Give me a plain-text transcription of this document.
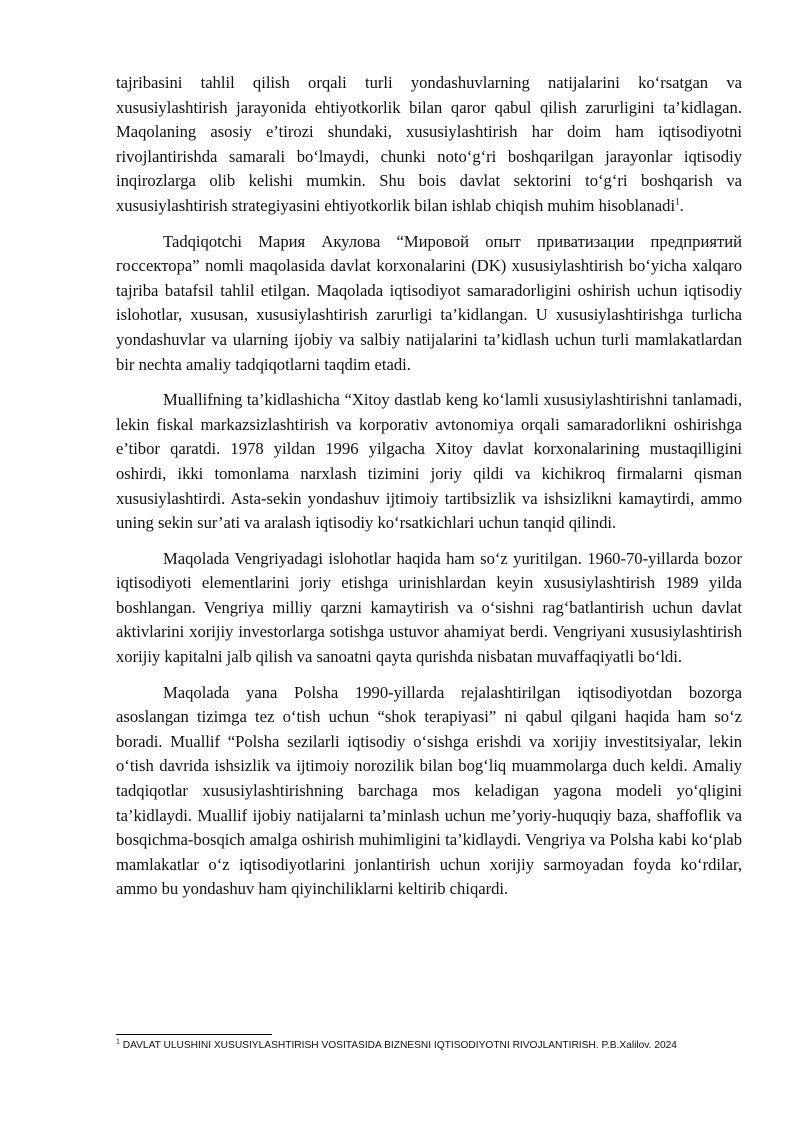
tajribasini tahlil qilish orqali turli yondashuvlarning natijalarini ko‘rsatgan va xususiylashtirish jarayonida ehtiyotkorlik bilan qaror qabul qilish zarurligini ta’kidlagan. Maqolaning asosiy e’tirozi shundaki, xususiylashtirish har doim ham iqtisodiyotni rivojlantirishda samarali bo‘lmaydi, chunki noto‘g‘ri boshqarilgan jarayonlar iqtisodiy inqirozlarga olib kelishi mumkin. Shu bois davlat sektorini to‘g‘ri boshqarish va xususiylashtirish strategiyasini ehtiyotkorlik bilan ishlab chiqish muhim hisoblanadi$^1$.

Tadqiqotchi Мария Акулова “Мировой опыт приватизации предприятий госсектора” nomli maqolasida davlat korxonalarini (DK) xususiylashtirish bo‘yicha xalqaro tajriba batafsil tahlil etilgan. Maqolada iqtisodiyot samaradorligini oshirish uchun iqtisodiy islohotlar, xususan, xususiylashtirish zarurligi ta’kidlangan. U xususiylashtirishga turlicha yondashuvlar va ularning ijobiy va salbiy natijalarini ta’kidlash uchun turli mamlakatlardan bir nechta amaliy tadqiqotlarni taqdim etadi.

Muallifning ta’kidlashicha “Xitoy dastlab keng ko‘lamli xususiylashtirishni tanlamadi, lekin fiskal markazsizlashtirish va korporativ avtonomiya orqali samaradorlikni oshirishga e’tibor qaratdi. 1978 yildan 1996 yilgacha Xitoy davlat korxonalarining mustaqilligini oshirdi, ikki tomonlama narxlash tizimini joriy qildi va kichikroq firmalarni qisman xususiylashtirdi. Asta-sekin yondashuv ijtimoiy tartibsizlik va ishsizlikni kamaytirdi, ammo uning sekin sur’ati va aralash iqtisodiy ko‘rsatkichlari uchun tanqid qilindi.

Maqolada Vengriyadagi islohotlar haqida ham so‘z yuritilgan. 1960-70-yillarda bozor iqtisodiyoti elementlarini joriy etishga urinishlardan keyin xususiylashtirish 1989 yilda boshlangan. Vengriya milliy qarzni kamaytirish va o‘sishni rag‘batlantirish uchun davlat aktivlarini xorijiy investorlarga sotishga ustuvor ahamiyat berdi. Vengriyani xususiylashtirish xorijiy kapitalni jalb qilish va sanoatni qayta qurishda nisbatan muvaffaqiyatli bo‘ldi.

Maqolada yana Polsha 1990-yillarda rejalashtirilgan iqtisodiyotdan bozorga asoslangan tizimga tez o‘tish uchun “shok terapiyasi” ni qabul qilgani haqida ham so‘z boradi. Muallif “Polsha sezilarli iqtisodiy o‘sishga erishdi va xorijiy investitsiyalar, lekin o‘tish davrida ishsizlik va ijtimoiy norozilik bilan bog‘liq muammolarga duch keldi. Amaliy tadqiqotlar xususiylashtirishning barchaga mos keladigan yagona modeli yo‘qligini ta’kidlaydi. Muallif ijobiy natijalarni ta’minlash uchun me’yoriy-huquqiy baza, shaffoflik va bosqichma-bosqich amalga oshirish muhimligini ta’kidlaydi. Vengriya va Polsha kabi ko‘plab mamlakatlar o‘z iqtisodiyotlarini jonlantirish uchun xorijiy sarmoyadan foyda ko‘rdilar, ammo bu yondashuv ham qiyinchiliklarni keltirib chiqardi.

$^1$ DAVLAT ULUSHINI XUSUSIYLASHTIRISH VOSITASIDA BIZNESNI IQTISODIYOTNI RIVOJLANTIRISH. P.B.Xalilov. 2024
